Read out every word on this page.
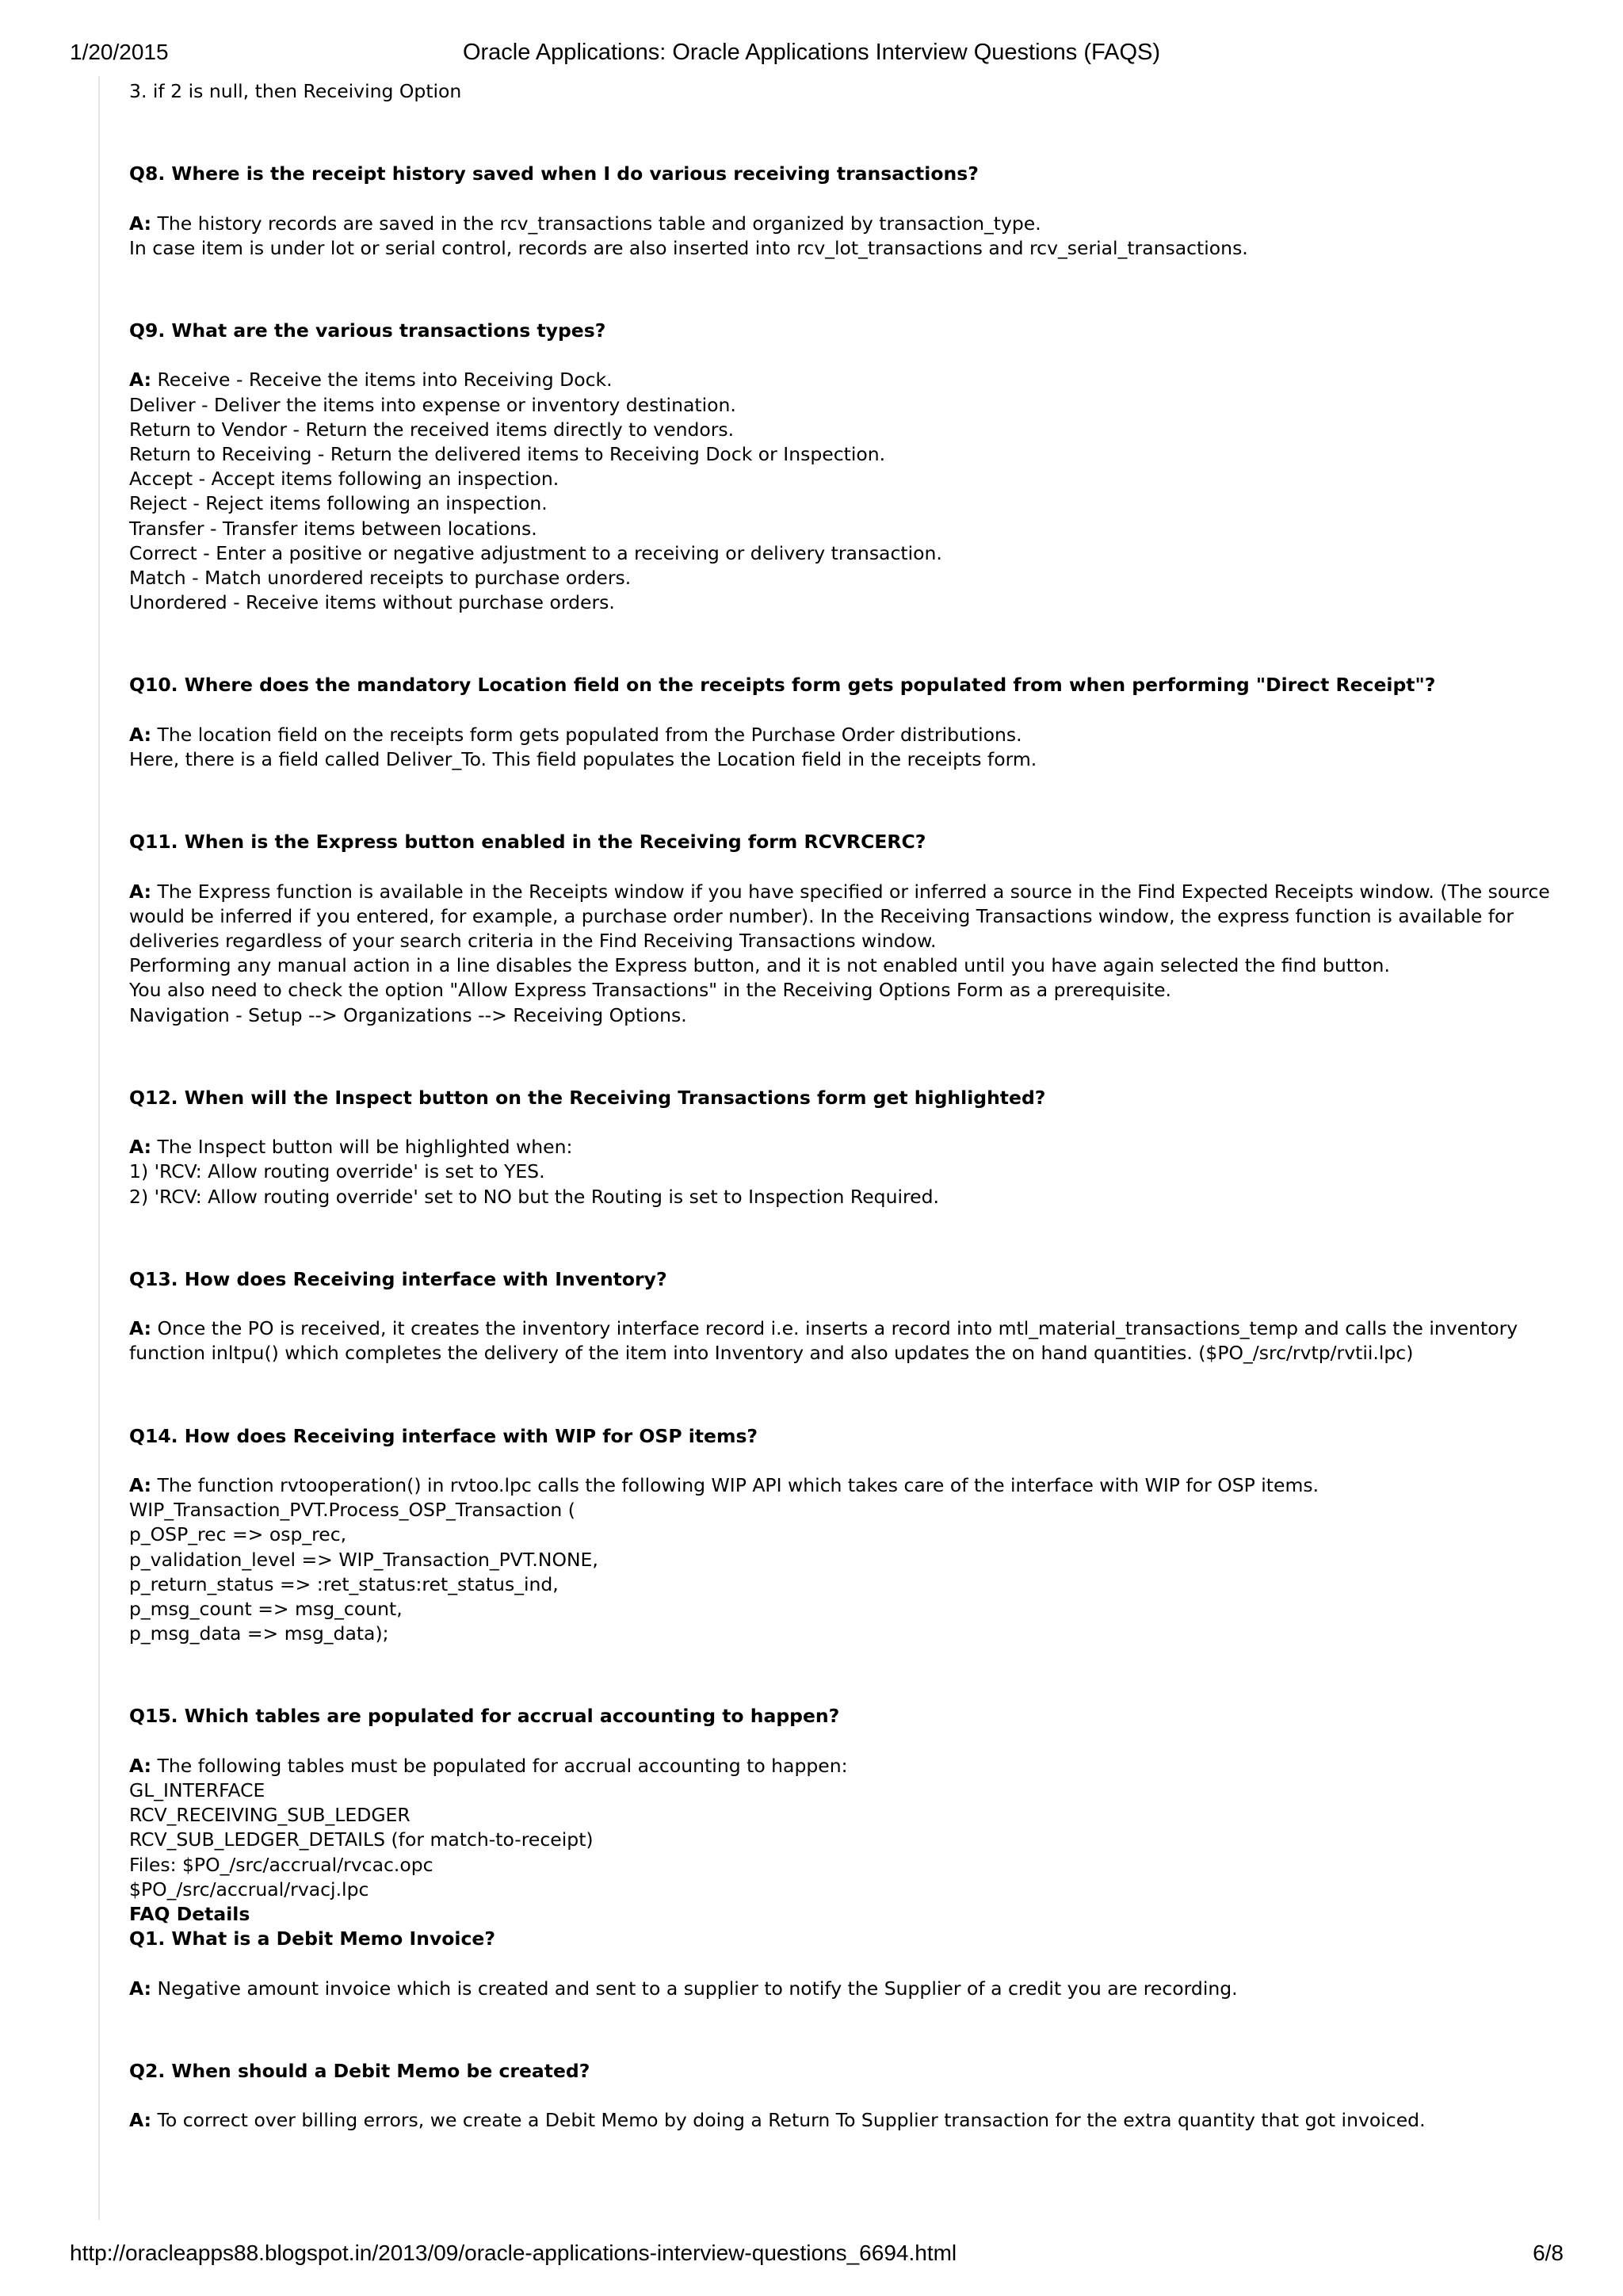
1/20/2015	Oracle Applications: Oracle Applications Interview Questions (FAQS)
3. if 2 is null, then Receiving Option
Q8. Where is the receipt history saved when I do various receiving transactions?
A: The history records are saved in the rcv_transactions table and organized by transaction_type.
In case item is under lot or serial control, records are also inserted into rcv_lot_transactions and rcv_serial_transactions.
Q9. What are the various transactions types?
A: Receive - Receive the items into Receiving Dock.
Deliver - Deliver the items into expense or inventory destination.
Return to Vendor - Return the received items directly to vendors.
Return to Receiving - Return the delivered items to Receiving Dock or Inspection.
Accept - Accept items following an inspection.
Reject - Reject items following an inspection.
Transfer - Transfer items between locations.
Correct - Enter a positive or negative adjustment to a receiving or delivery transaction.
Match - Match unordered receipts to purchase orders.
Unordered - Receive items without purchase orders.
Q10. Where does the mandatory Location field on the receipts form gets populated from when performing "Direct Receipt"?
A: The location field on the receipts form gets populated from the Purchase Order distributions.
Here, there is a field called Deliver_To. This field populates the Location field in the receipts form.
Q11. When is the Express button enabled in the Receiving form RCVRCERC?
A: The Express function is available in the Receipts window if you have specified or inferred a source in the Find Expected Receipts window. (The source would be inferred if you entered, for example, a purchase order number). In the Receiving Transactions window, the express function is available for deliveries regardless of your search criteria in the Find Receiving Transactions window.
Performing any manual action in a line disables the Express button, and it is not enabled until you have again selected the find button.
You also need to check the option "Allow Express Transactions" in the Receiving Options Form as a prerequisite.
Navigation - Setup --> Organizations --> Receiving Options.
Q12. When will the Inspect button on the Receiving Transactions form get highlighted?
A: The Inspect button will be highlighted when:
1) 'RCV: Allow routing override' is set to YES.
2) 'RCV: Allow routing override' set to NO but the Routing is set to Inspection Required.
Q13. How does Receiving interface with Inventory?
A: Once the PO is received, it creates the inventory interface record i.e. inserts a record into mtl_material_transactions_temp and calls the inventory function inltpu() which completes the delivery of the item into Inventory and also updates the on hand quantities. ($PO_/src/rvtp/rvtii.lpc)
Q14. How does Receiving interface with WIP for OSP items?
A: The function rvtooperation() in rvtoo.lpc calls the following WIP API which takes care of the interface with WIP for OSP items.
WIP_Transaction_PVT.Process_OSP_Transaction (
p_OSP_rec => osp_rec,
p_validation_level => WIP_Transaction_PVT.NONE,
p_return_status => :ret_status:ret_status_ind,
p_msg_count => msg_count,
p_msg_data => msg_data);
Q15. Which tables are populated for accrual accounting to happen?
A: The following tables must be populated for accrual accounting to happen:
GL_INTERFACE
RCV_RECEIVING_SUB_LEDGER
RCV_SUB_LEDGER_DETAILS (for match-to-receipt)
Files: $PO_/src/accrual/rvcac.opc
$PO_/src/accrual/rvacj.lpc
FAQ Details
Q1. What is a Debit Memo Invoice?
A: Negative amount invoice which is created and sent to a supplier to notify the Supplier of a credit you are recording.
Q2. When should a Debit Memo be created?
A: To correct over billing errors, we create a Debit Memo by doing a Return To Supplier transaction for the extra quantity that got invoiced.
http://oracleapps88.blogspot.in/2013/09/oracle-applications-interview-questions_6694.html	6/8
